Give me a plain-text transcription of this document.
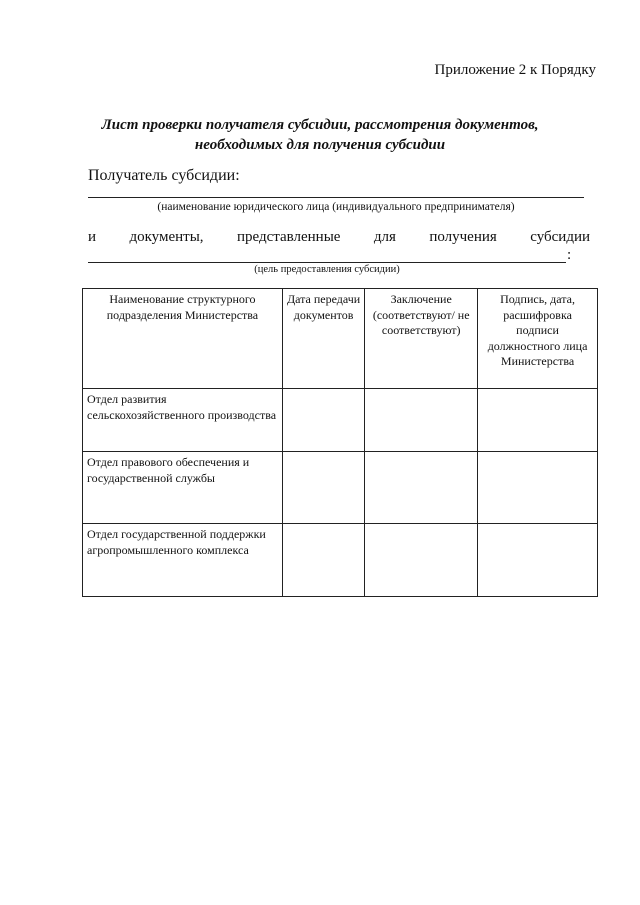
Приложение 2 к Порядку
Лист проверки получателя субсидии, рассмотрения документов,
необходимых для получения субсидии
Получатель субсидии:
(наименование юридического лица (индивидуального предпринимателя)
и документы, представленные для получения субсидии
:
(цель предоставления субсидии)
Наименование структурного подразделения Министерства	Дата передачи документов	Заключение (соответствуют/ не соответствуют)	Подпись, дата, расшифровка подписи должностного лица Министерства
Отдел развития сельскохозяйственного производства			
Отдел правового обеспечения и государственной службы			
Отдел государственной поддержки агропромышленного комплекса			
